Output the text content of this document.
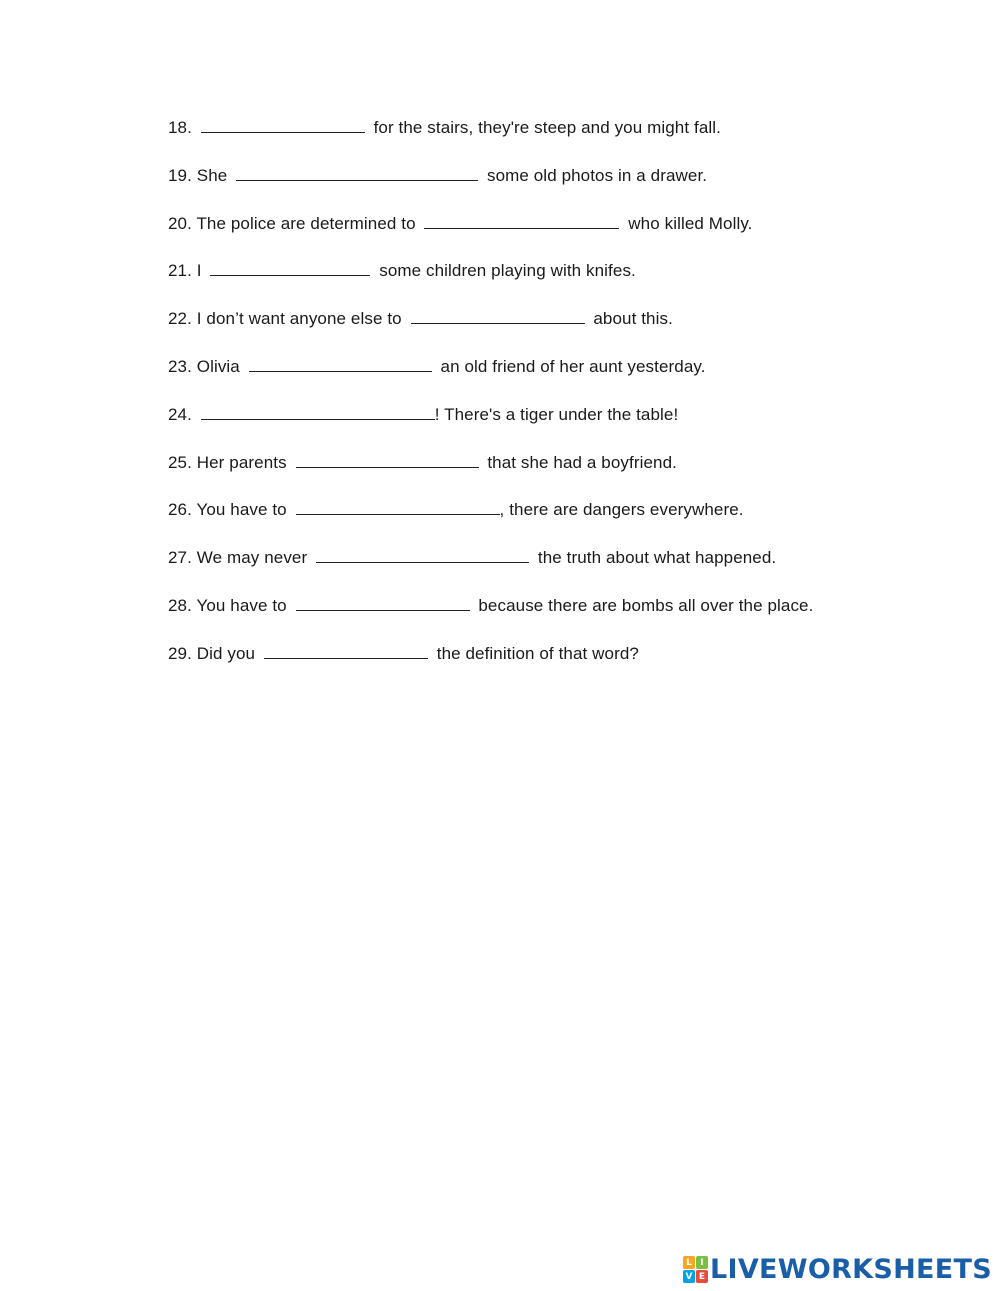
18.	for the stairs, they're steep and you might fall.
19. She	some old photos in a drawer.
20. The police are determined to	who killed Molly.
21. I	some children playing with knifes.
22. I don’t want anyone else to	about this.
23. Olivia	an old friend of her aunt yesterday.
24.	! There's a tiger under the table!
25. Her parents	that she had a boyfriend.
26. You have to	, there are dangers everywhere.
27. We may never	the truth about what happened.
28. You have to	because there are bombs all over the place.
29. Did you	the definition of that word?
L I
V E LIVEWORKSHEETS
